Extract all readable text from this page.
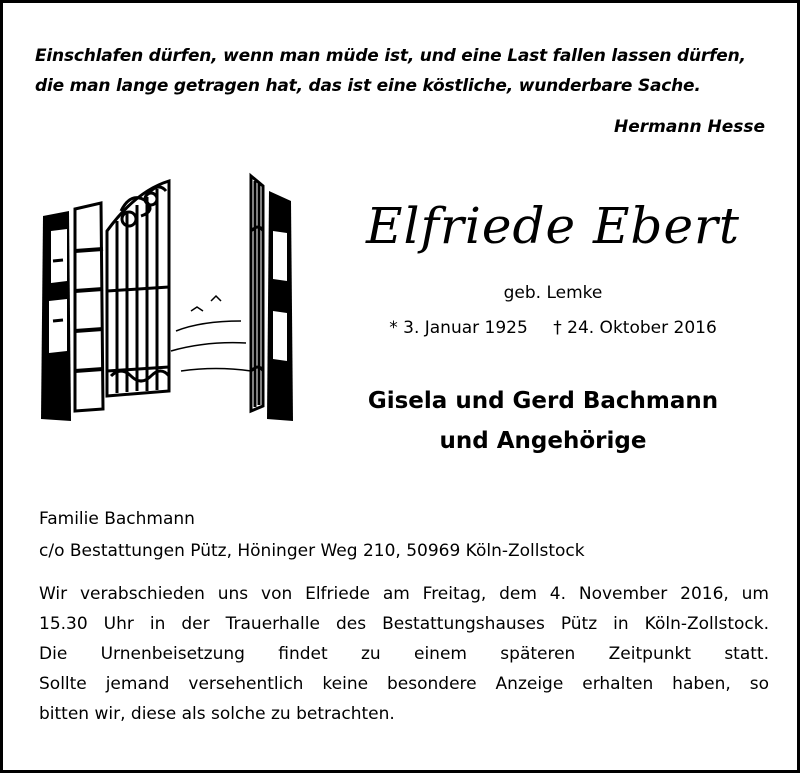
Einschlafen dürfen, wenn man müde ist, und eine Last fallen lassen dürfen,
die man lange getragen hat, das ist eine köstliche, wunderbare Sache.
Hermann Hesse
Elfriede Ebert
geb. Lemke
* 3. Januar 1925 † 24. Oktober 2016
Gisela und Gerd Bachmann
und Angehörige
Familie Bachmann
c/o Bestattungen Pütz, Höninger Weg 210, 50969 Köln-Zollstock
Wir verabschieden uns von Elfriede am Freitag, dem 4. November 2016, um
15.30 Uhr in der Trauerhalle des Bestattungshauses Pütz in Köln-Zollstock.
Die Urnenbeisetzung findet zu einem späteren Zeitpunkt statt.
Sollte jemand versehentlich keine besondere Anzeige erhalten haben, so
bitten wir, diese als solche zu betrachten.
